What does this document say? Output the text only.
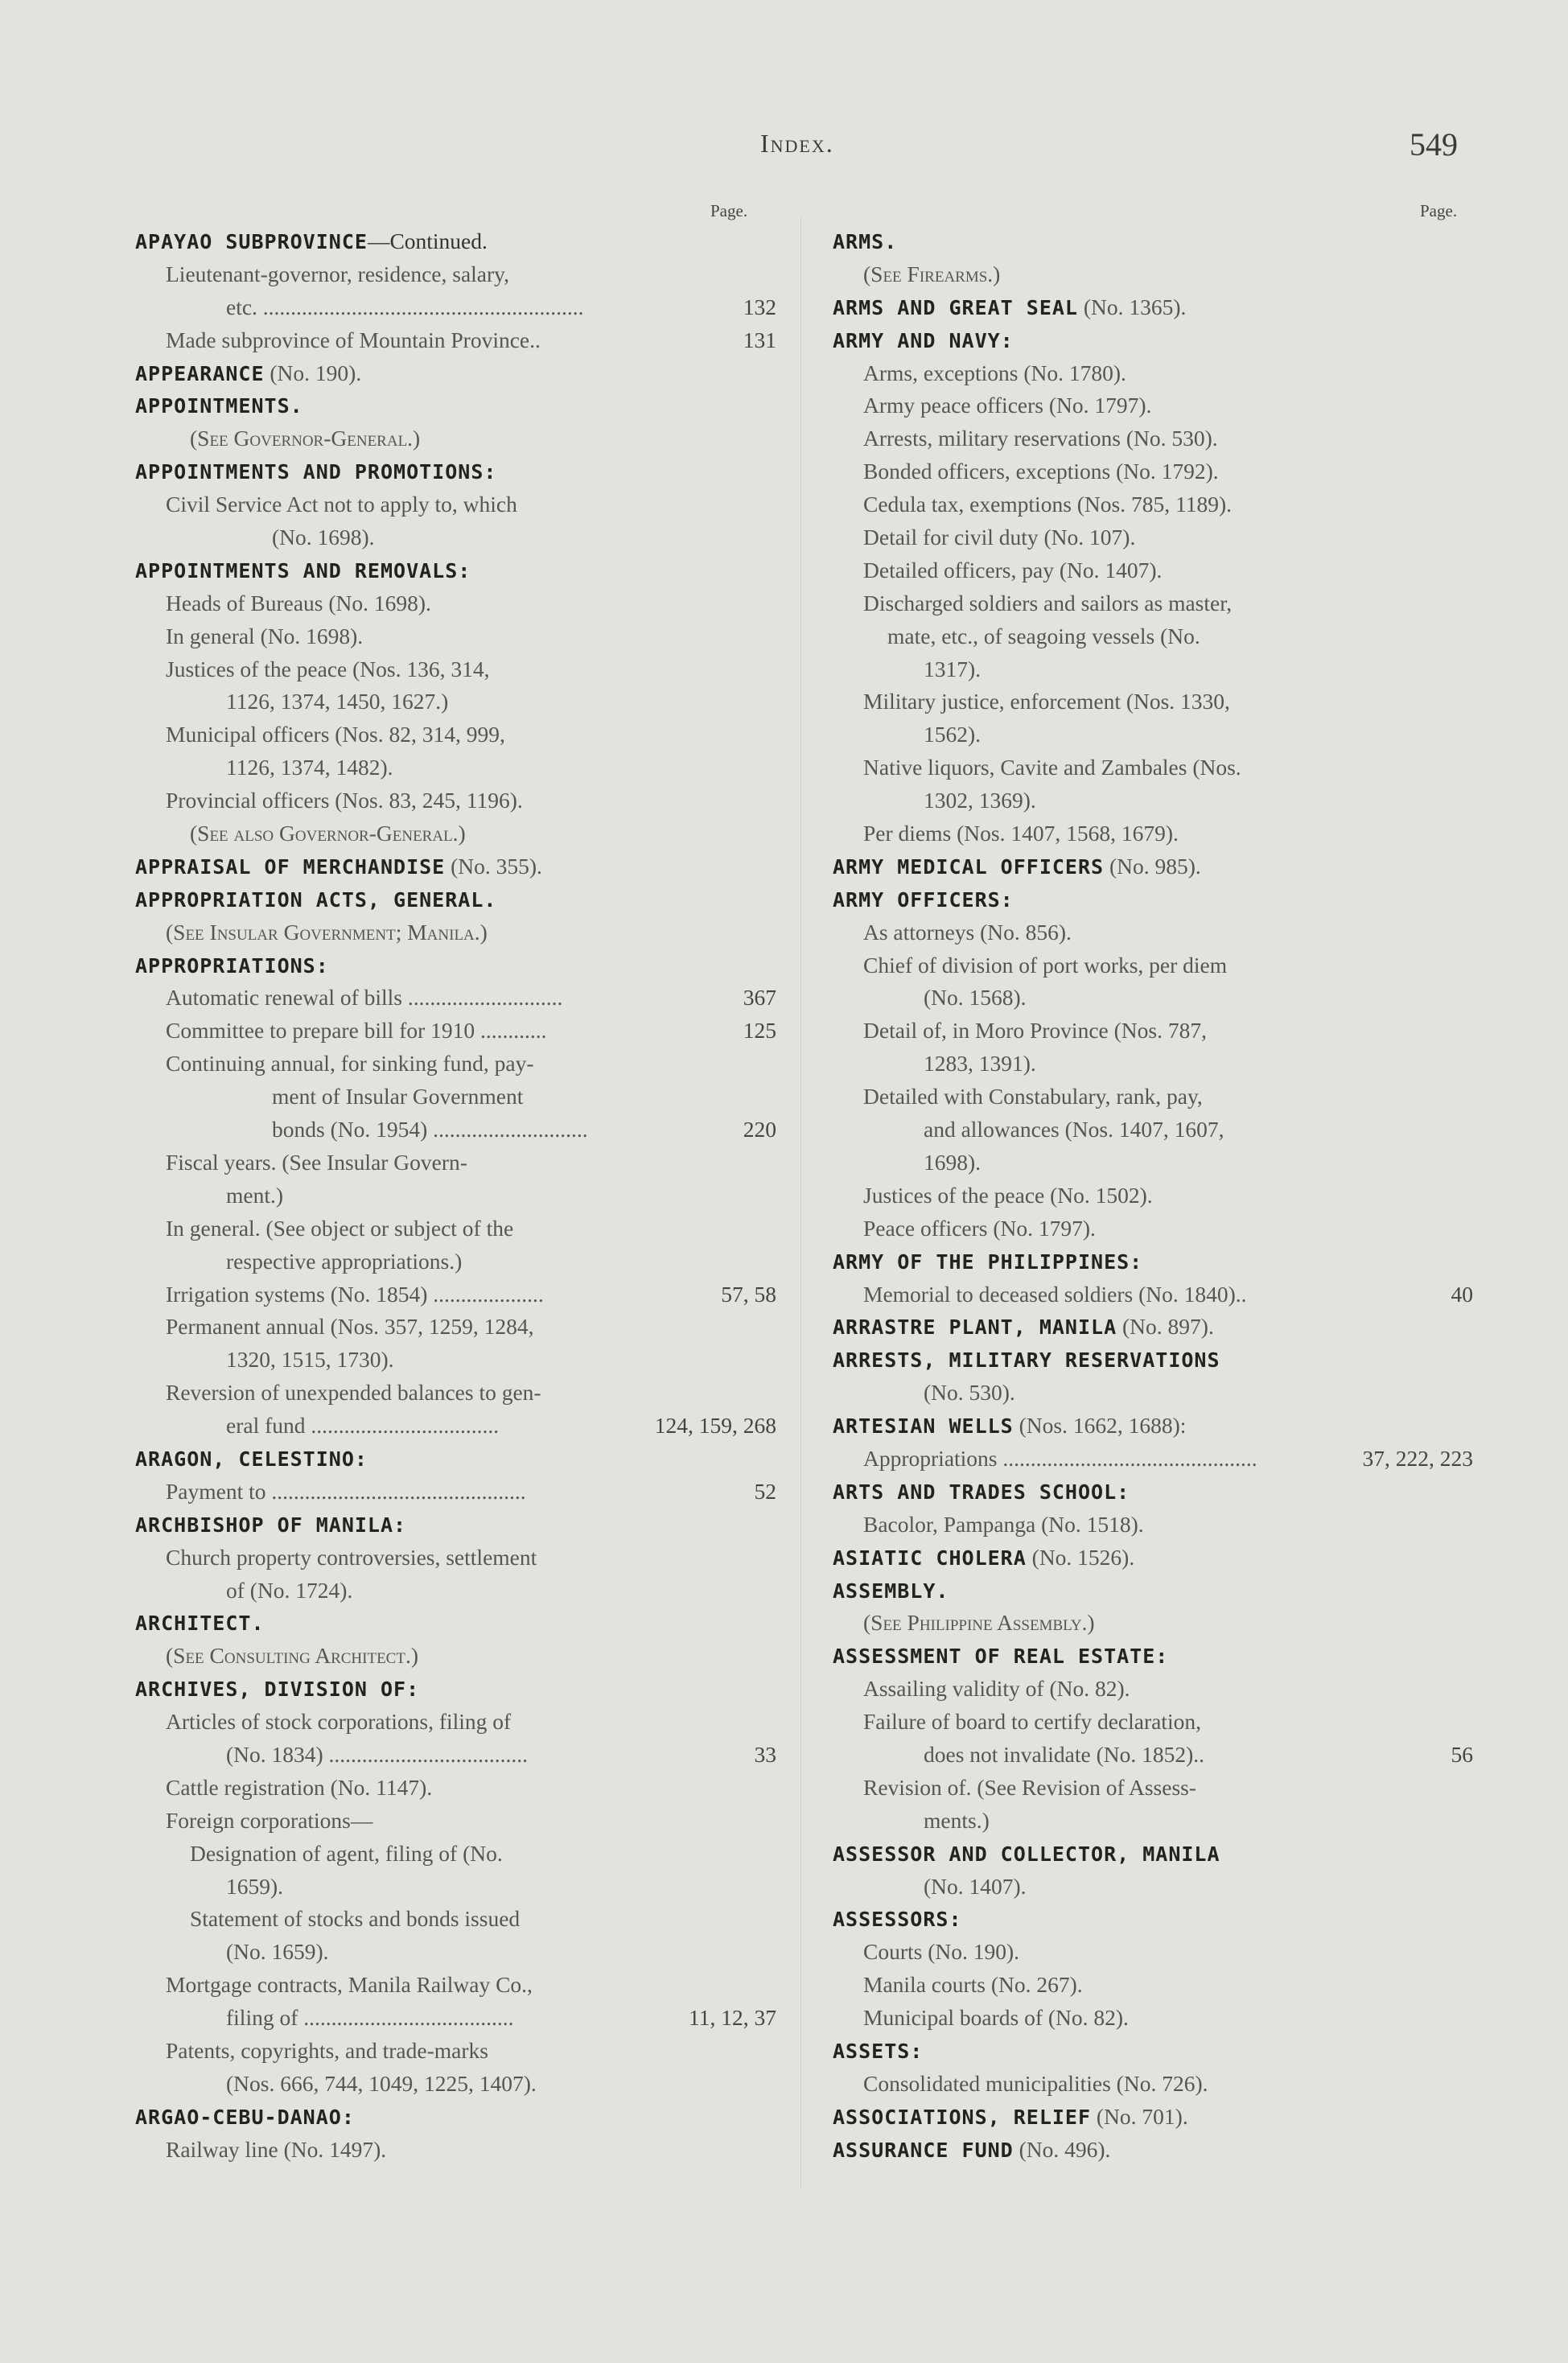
Index.	549
Page.	Page.
APAYAO SUBPROVINCE—Continued.
Lieutenant-governor, residence, salary,
etc. ..........................................................	132
Made subprovince of Mountain Province..	131
APPEARANCE (No. 190).
APPOINTMENTS.
(See Governor-General.)
APPOINTMENTS AND PROMOTIONS:
Civil Service Act not to apply to, which
(No. 1698).
APPOINTMENTS AND REMOVALS:
Heads of Bureaus (No. 1698).
In general (No. 1698).
Justices of the peace (Nos. 136, 314,
1126, 1374, 1450, 1627.)
Municipal officers (Nos. 82, 314, 999,
1126, 1374, 1482).
Provincial officers (Nos. 83, 245, 1196).
(See also Governor-General.)
APPRAISAL OF MERCHANDISE (No. 355).
APPROPRIATION ACTS, GENERAL.
(See Insular Government; Manila.)
APPROPRIATIONS:
Automatic renewal of bills ............................	367
Committee to prepare bill for 1910 ............	125
Continuing annual, for sinking fund, pay-
ment of Insular Government
bonds (No. 1954) ............................	220
Fiscal years. (See Insular Govern-
ment.)
In general. (See object or subject of the
respective appropriations.)
Irrigation systems (No. 1854) ....................	57, 58
Permanent annual (Nos. 357, 1259, 1284,
1320, 1515, 1730).
Reversion of unexpended balances to gen-
eral fund ..................................	124, 159, 268
ARAGON, CELESTINO:
Payment to ..............................................	52
ARCHBISHOP OF MANILA:
Church property controversies, settlement
of (No. 1724).
ARCHITECT.
(See Consulting Architect.)
ARCHIVES, DIVISION OF:
Articles of stock corporations, filing of
(No. 1834) ....................................	33
Cattle registration (No. 1147).
Foreign corporations—
Designation of agent, filing of (No.
1659).
Statement of stocks and bonds issued
(No. 1659).
Mortgage contracts, Manila Railway Co.,
filing of ......................................	11, 12, 37
Patents, copyrights, and trade-marks
(Nos. 666, 744, 1049, 1225, 1407).
ARGAO-CEBU-DANAO:
Railway line (No. 1497).
ARMS.
(See Firearms.)
ARMS AND GREAT SEAL (No. 1365).
ARMY AND NAVY:
Arms, exceptions (No. 1780).
Army peace officers (No. 1797).
Arrests, military reservations (No. 530).
Bonded officers, exceptions (No. 1792).
Cedula tax, exemptions (Nos. 785, 1189).
Detail for civil duty (No. 107).
Detailed officers, pay (No. 1407).
Discharged soldiers and sailors as master,
mate, etc., of seagoing vessels (No.
1317).
Military justice, enforcement (Nos. 1330,
1562).
Native liquors, Cavite and Zambales (Nos.
1302, 1369).
Per diems (Nos. 1407, 1568, 1679).
ARMY MEDICAL OFFICERS (No. 985).
ARMY OFFICERS:
As attorneys (No. 856).
Chief of division of port works, per diem
(No. 1568).
Detail of, in Moro Province (Nos. 787,
1283, 1391).
Detailed with Constabulary, rank, pay,
and allowances (Nos. 1407, 1607,
1698).
Justices of the peace (No. 1502).
Peace officers (No. 1797).
ARMY OF THE PHILIPPINES:
Memorial to deceased soldiers (No. 1840)..	40
ARRASTRE PLANT, MANILA (No. 897).
ARRESTS, MILITARY RESERVATIONS
(No. 530).
ARTESIAN WELLS (Nos. 1662, 1688):
Appropriations ..............................................	37, 222, 223
ARTS AND TRADES SCHOOL:
Bacolor, Pampanga (No. 1518).
ASIATIC CHOLERA (No. 1526).
ASSEMBLY.
(See Philippine Assembly.)
ASSESSMENT OF REAL ESTATE:
Assailing validity of (No. 82).
Failure of board to certify declaration,
does not invalidate (No. 1852)..	56
Revision of. (See Revision of Assess-
ments.)
ASSESSOR AND COLLECTOR, MANILA
(No. 1407).
ASSESSORS:
Courts (No. 190).
Manila courts (No. 267).
Municipal boards of (No. 82).
ASSETS:
Consolidated municipalities (No. 726).
ASSOCIATIONS, RELIEF (No. 701).
ASSURANCE FUND (No. 496).
